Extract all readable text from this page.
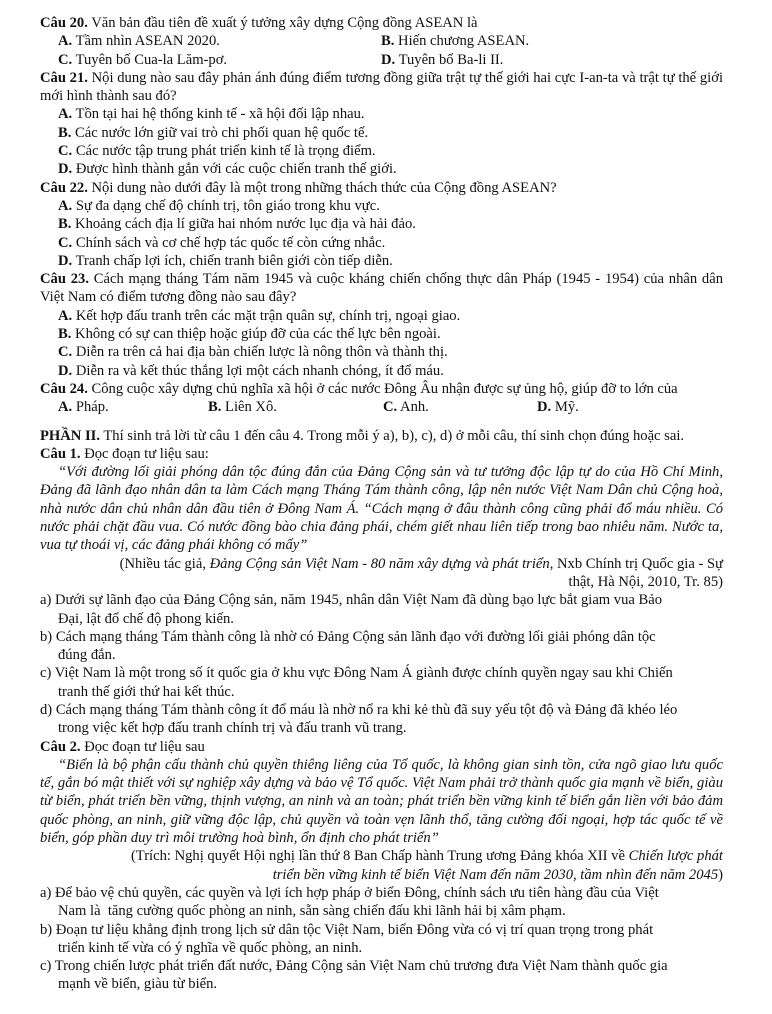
Câu 20. Văn bản đầu tiên đề xuất ý tưởng xây dựng Cộng đồng ASEAN là
A. Tầm nhìn ASEAN 2020.	B. Hiến chương ASEAN.
C. Tuyên bố Cua-la Lăm-pơ.	D. Tuyên bố Ba-li II.

Câu 21. Nội dung nào sau đây phản ánh đúng điểm tương đồng giữa trật tự thế giới hai cực I-an-ta và trật tự thế giới mới hình thành sau đó?

A. Tồn tại hai hệ thống kinh tế - xã hội đối lập nhau.
B. Các nước lớn giữ vai trò chi phối quan hệ quốc tế.
C. Các nước tập trung phát triển kinh tế là trọng điểm.
D. Được hình thành gắn với các cuộc chiến tranh thế giới.
Câu 22. Nội dung nào dưới đây là một trong những thách thức của Cộng đồng ASEAN?
A. Sự đa dạng chế độ chính trị, tôn giáo trong khu vực.
B. Khoảng cách địa lí giữa hai nhóm nước lục địa và hải đảo.
C. Chính sách và cơ chế hợp tác quốc tế còn cứng nhắc.
D. Tranh chấp lợi ích, chiến tranh biên giới còn tiếp diễn.

Câu 23. Cách mạng tháng Tám năm 1945 và cuộc kháng chiến chống thực dân Pháp (1945 - 1954) của nhân dân Việt Nam có điểm tương đồng nào sau đây?

A. Kết hợp đấu tranh trên các mặt trận quân sự, chính trị, ngoại giao.
B. Không có sự can thiệp hoặc giúp đỡ của các thế lực bên ngoài.
C. Diễn ra trên cả hai địa bàn chiến lược là nông thôn và thành thị.
D. Diễn ra và kết thúc thắng lợi một cách nhanh chóng, ít đổ máu.
Câu 24. Công cuộc xây dựng chủ nghĩa xã hội ở các nước Đông Âu nhận được sự ủng hộ, giúp đỡ to lớn của
A. Pháp.	B. Liên Xô.	C. Anh.	D. Mỹ.
PHẦN II. Thí sinh trả lời từ câu 1 đến câu 4. Trong mỗi ý a), b), c), d) ở mỗi câu, thí sinh chọn đúng hoặc sai.
Câu 1. Đọc đoạn tư liệu sau:

“Với đường lối giải phóng dân tộc đúng đắn của Đảng Cộng sản và tư tưởng độc lập tự do của Hồ Chí Minh, Đảng đã lãnh đạo nhân dân ta làm Cách mạng Tháng Tám thành công, lập nên nước Việt Nam Dân chủ Cộng hoà, nhà nước dân chủ nhân dân đầu tiên ở Đông Nam Á. “Cách mạng ở đâu thành công cũng phải đổ máu nhiều. Có nước phải chặt đầu vua. Có nước đồng bào chia đảng phái, chém giết nhau liên tiếp trong bao nhiêu năm. Nước ta, vua tự thoái vị, các đảng phái không có mấy”

(Nhiều tác giả, Đảng Cộng sản Việt Nam - 80 năm xây dựng và phát triển, Nxb Chính trị Quốc gia - Sự
thật, Hà Nội, 2010, Tr. 85)
a) Dưới sự lãnh đạo của Đảng Cộng sản, năm 1945, nhân dân Việt Nam đã dùng bạo lực bắt giam vua Bảo
Đại, lật đổ chế độ phong kiến.
b) Cách mạng tháng Tám thành công là nhờ có Đảng Cộng sản lãnh đạo với đường lối giải phóng dân tộc
đúng đắn.
c) Việt Nam là một trong số ít quốc gia ở khu vực Đông Nam Á giành được chính quyền ngay sau khi Chiến
tranh thế giới thứ hai kết thúc.
d) Cách mạng tháng Tám thành công ít đổ máu là nhờ nổ ra khi kẻ thù đã suy yếu tột độ và Đảng đã khéo léo
trong việc kết hợp đấu tranh chính trị và đấu tranh vũ trang.
Câu 2. Đọc đoạn tư liệu sau

“Biển là bộ phận cấu thành chủ quyền thiêng liêng của Tổ quốc, là không gian sinh tồn, cửa ngõ giao lưu quốc tế, gắn bó mật thiết với sự nghiệp xây dựng và bảo vệ Tổ quốc. Việt Nam phải trở thành quốc gia mạnh về biển, giàu từ biển, phát triển bền vững, thịnh vượng, an ninh và an toàn; phát triển bền vững kinh tế biển gắn liền với bảo đảm quốc phòng, an ninh, giữ vững độc lập, chủ quyền và toàn vẹn lãnh thổ, tăng cường đối ngoại, hợp tác quốc tế về biển, góp phần duy trì môi trường hoà bình, ổn định cho phát triển”

(Trích: Nghị quyết Hội nghị lần thứ 8 Ban Chấp hành Trung ương Đảng khóa XII về Chiến lược phát
triển bền vững kinh tế biển Việt Nam đến năm 2030, tầm nhìn đến năm 2045)
a) Để bảo vệ chủ quyền, các quyền và lợi ích hợp pháp ở biển Đông, chính sách ưu tiên hàng đầu của Việt
Nam là  tăng cường quốc phòng an ninh, sẵn sàng chiến đấu khi lãnh hải bị xâm phạm.
b) Đoạn tư liệu khẳng định trong lịch sử dân tộc Việt Nam, biển Đông vừa có vị trí quan trọng trong phát
triển kinh tế vừa có ý nghĩa về quốc phòng, an ninh.
c) Trong chiến lược phát triển đất nước, Đảng Cộng sản Việt Nam chủ trương đưa Việt Nam thành quốc gia
mạnh về biển, giàu từ biển.
